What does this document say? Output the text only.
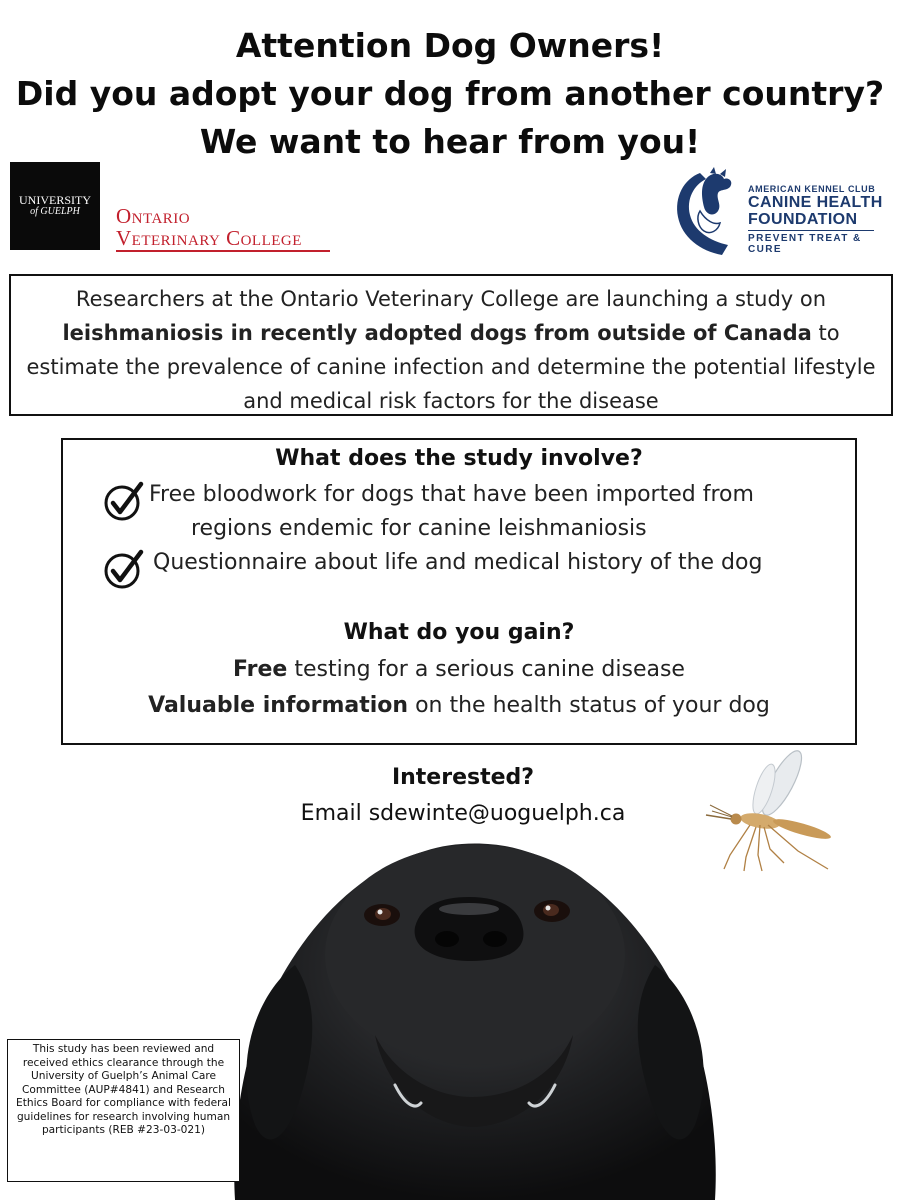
Attention Dog Owners!
Did you adopt your dog from another country?
We want to hear from you!
UNIVERSITY
of GUELPH	Ontario
Veterinary College
AMERICAN KENNEL CLUB
CANINE HEALTH
FOUNDATION
PREVENT TREAT & CURE

Researchers at the Ontario Veterinary College are launching a study on

leishmaniosis in recently adopted dogs from outside of Canada to

estimate the prevalence of canine infection and determine the potential lifestyle

and medical risk factors for the disease

What does the study involve?
Free bloodwork for dogs that have been imported from
regions endemic for canine leishmaniosis
Questionnaire about life and medical history of the dog
What do you gain?
Free testing for a serious canine disease
Valuable information on the health status of your dog
Interested?
Email sdewinte@uoguelph.ca
This study has been reviewed and received ethics clearance through the University of Guelph’s Animal Care Committee (AUP#4841) and Research Ethics Board for compliance with federal guidelines for research involving human participants (REB #23-03-021)
